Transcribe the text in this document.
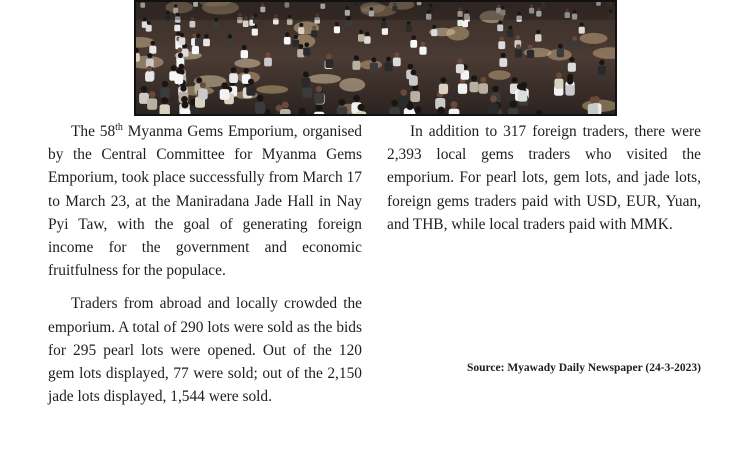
The 58th Myanma Gems Emporium, organised by the Central Committee for Myanma Gems Emporium, took place successfully from March 17 to March 23, at the Maniradana Jade Hall in Nay Pyi Taw, with the goal of generating foreign income for the government and economic fruitfulness for the populace.

Traders from abroad and locally crowded the emporium. A total of 290 lots were sold as the bids for 295 pearl lots were opened. Out of the 120 gem lots displayed, 77 were sold; out of the 2,150 jade lots displayed, 1,544 were sold.

In addition to 317 foreign traders, there were 2,393 local gems traders who visited the emporium. For pearl lots, gem lots, and jade lots, foreign gems traders paid with USD, EUR, Yuan, and THB, while local traders paid with MMK.

Source: Myawady Daily Newspaper (24-3-2023)
